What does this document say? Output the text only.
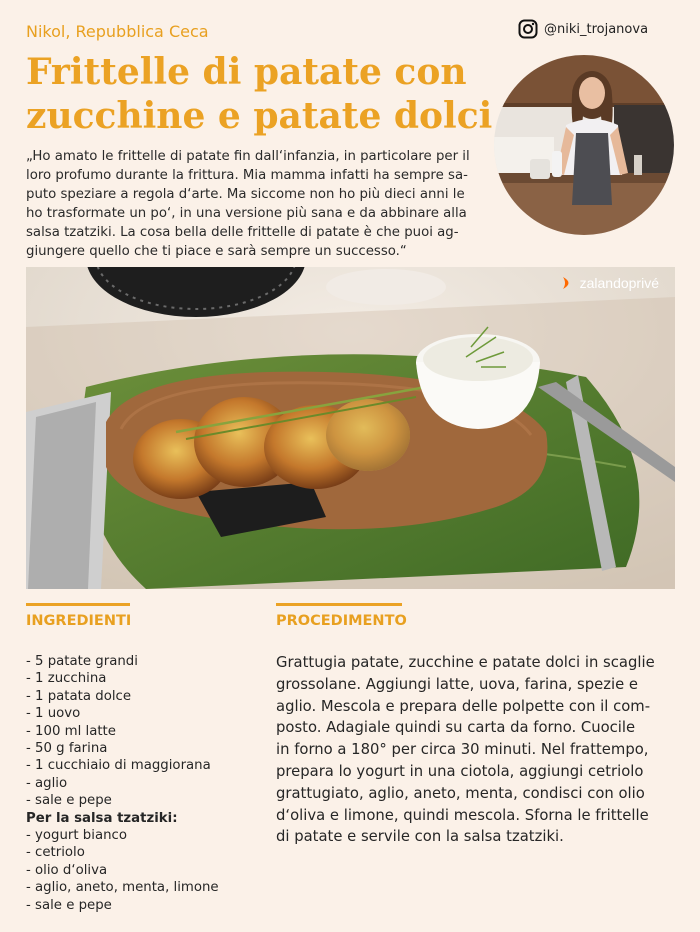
Nikol, Repubblica Ceca	@niki_trojanova
Frittelle di patate con
zucchine e patate dolci
„Ho amato le frittelle di patate fin dall‘infanzia, in particolare per il
loro profumo durante la frittura. Mia mamma infatti ha sempre sa-
puto speziare a regola d‘arte. Ma siccome non ho più dieci anni le
ho trasformate un po‘, in una versione più sana e da abbinare alla
salsa tzatziki. La cosa bella delle frittelle di patate è che puoi ag-
giungere quello che ti piace e sarà sempre un successo.“
zalandoprivé
INGREDIENTI
- 5 patate grandi
- 1 zucchina
- 1 patata dolce
- 1 uovo
- 100 ml latte
- 50 g farina
- 1 cucchiaio di maggiorana
- aglio
- sale e pepe
Per la salsa tzatziki:
- yogurt bianco
- cetriolo
- olio d‘oliva
- aglio, aneto, menta, limone
- sale e pepe
PROCEDIMENTO
Grattugia patate, zucchine e patate dolci in scaglie
grossolane. Aggiungi latte, uova, farina, spezie e
aglio. Mescola e prepara delle polpette con il com-
posto. Adagiale quindi su carta da forno. Cuocile
in forno a 180° per circa 30 minuti. Nel frattempo,
prepara lo yogurt in una ciotola, aggiungi cetriolo
grattugiato, aglio, aneto, menta, condisci con olio
d‘oliva e limone, quindi mescola. Sforna le frittelle
di patate e servile con la salsa tzatziki.
